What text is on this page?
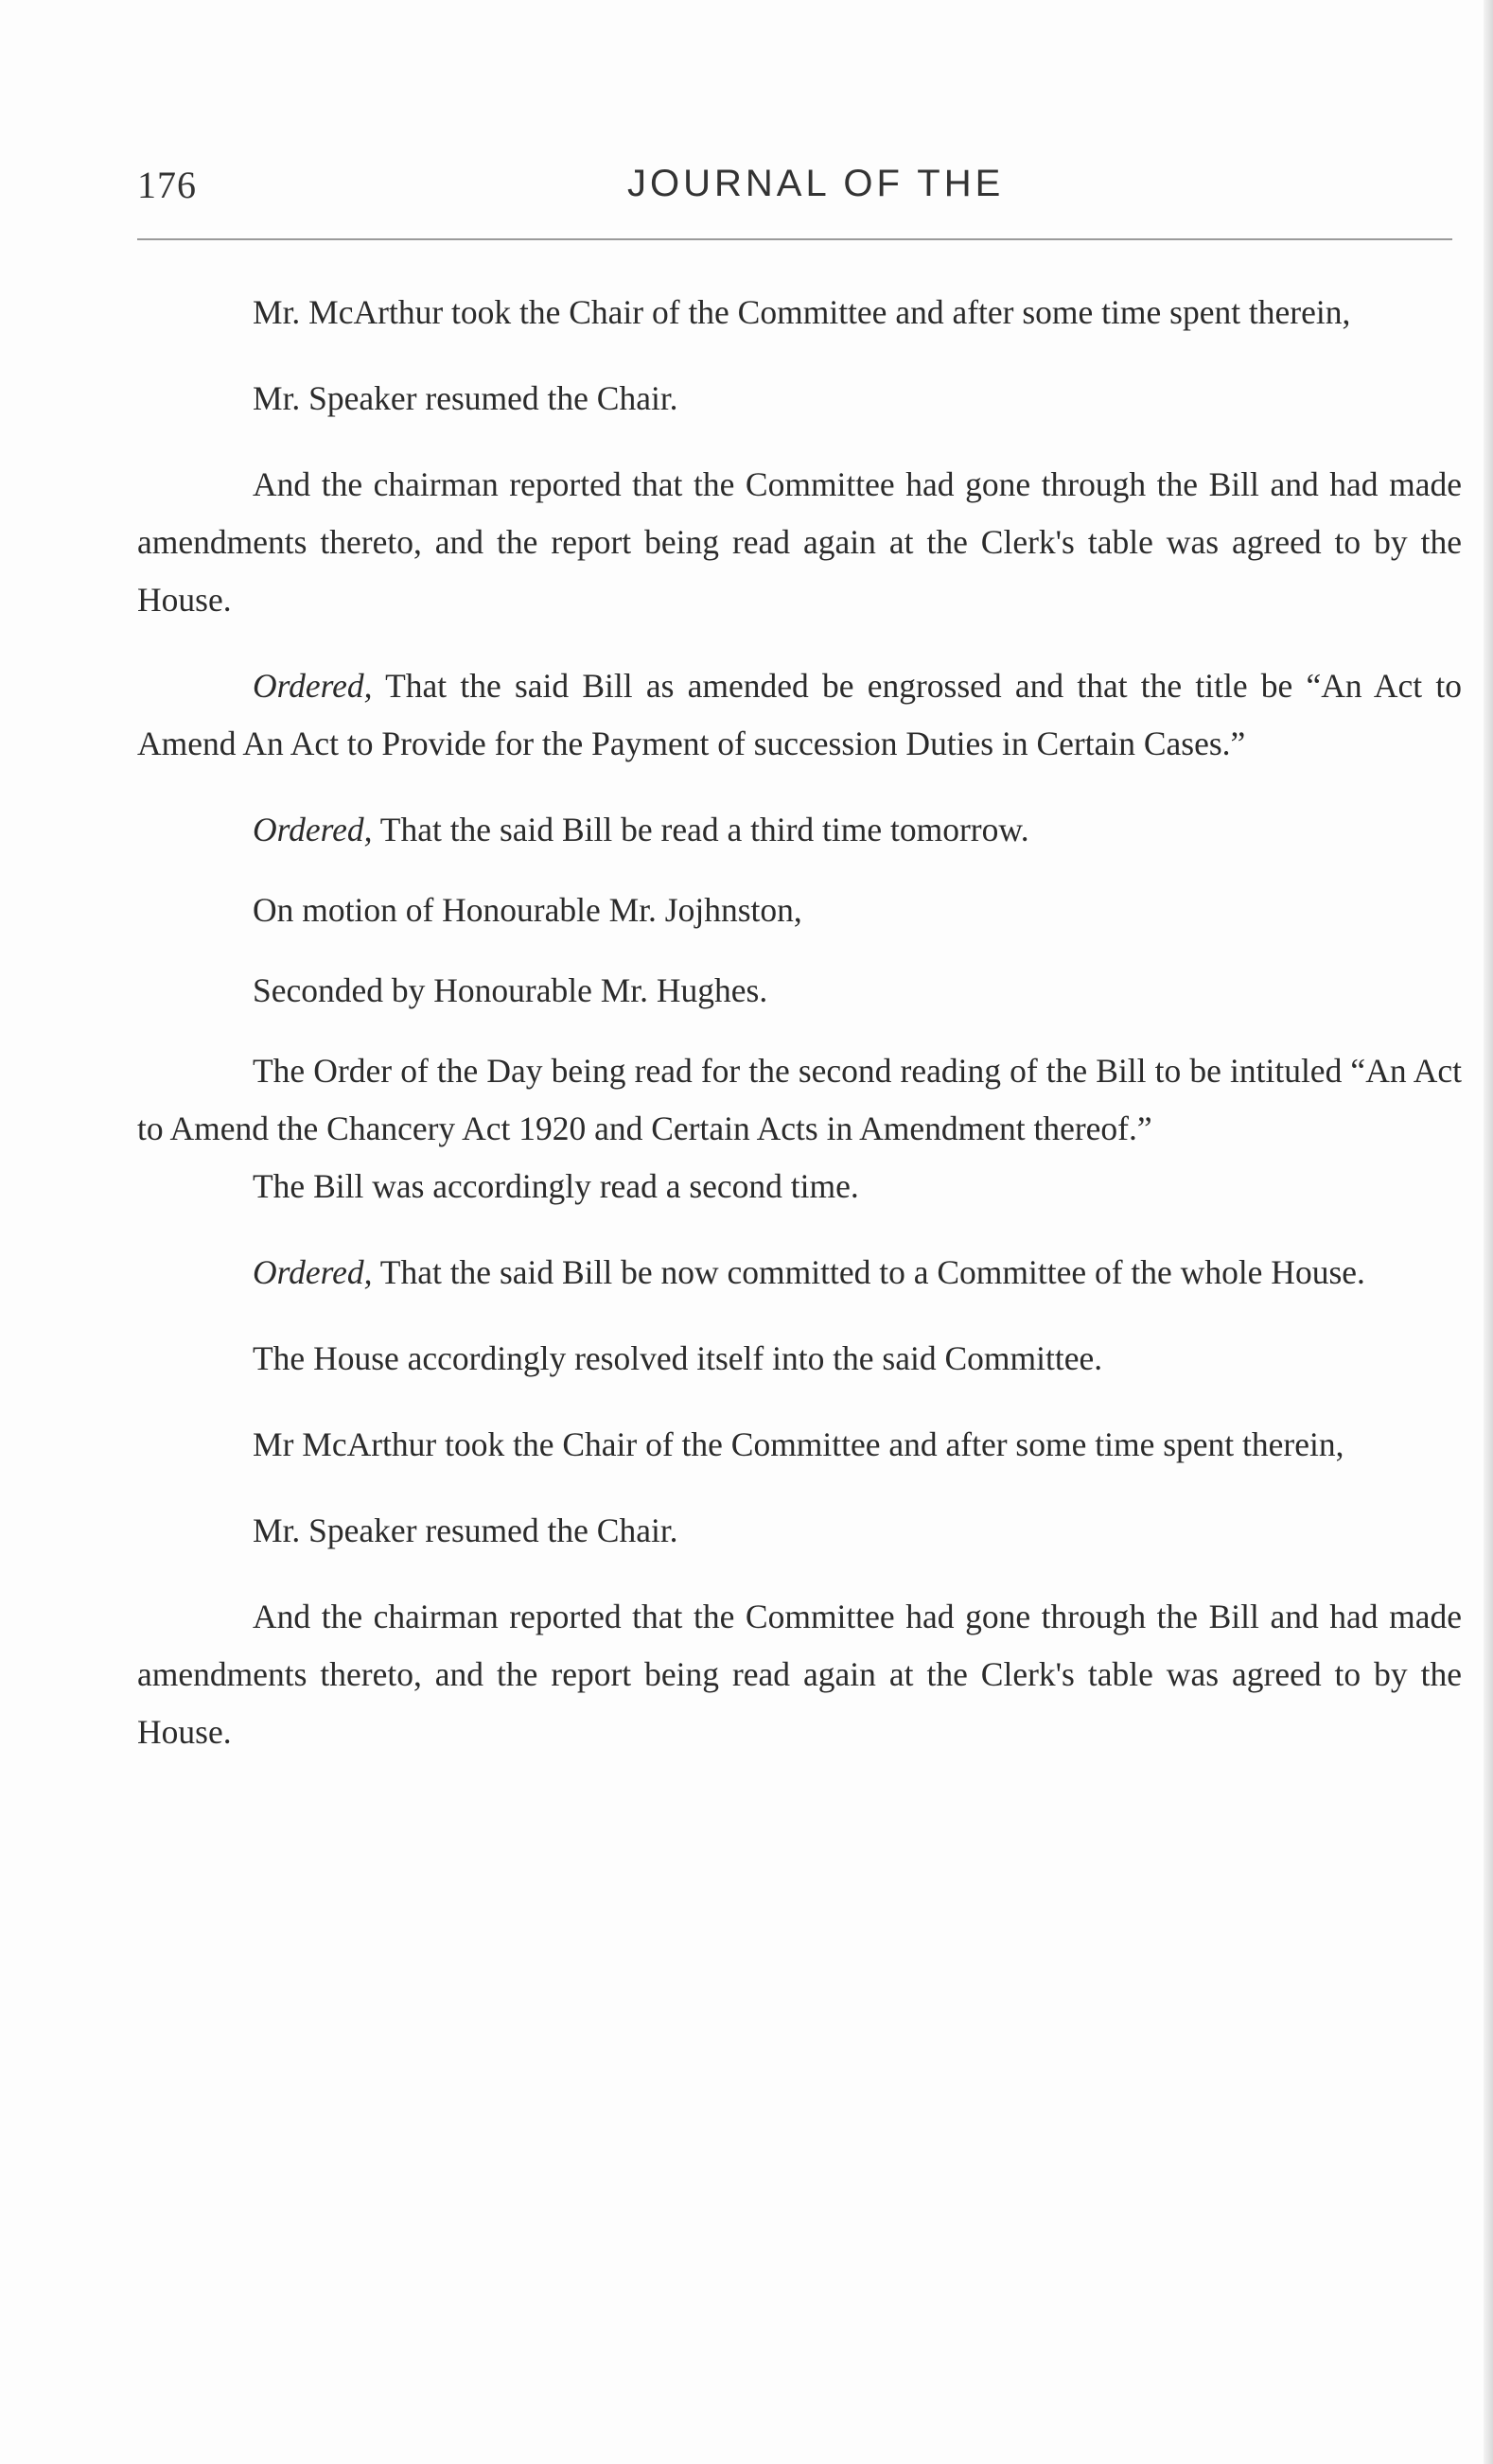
176	JOURNAL OF THE

Mr. McArthur took the Chair of the Committee and after some time spent therein,

Mr. Speaker resumed the Chair.

And the chairman reported that the Committee had gone through the Bill and had made amendments thereto, and the report being read again at the Clerk's table was agreed to by the House.

Ordered, That the said Bill as amended be engrossed and that the title be “An Act to Amend An Act to Provide for the Payment of succession Duties in Certain Cases.”

Ordered, That the said Bill be read a third time tomorrow.

On motion of Honourable Mr. Jojhnston,

Seconded by Honourable Mr. Hughes.

The Order of the Day being read for the second reading of the Bill to be intituled “An Act to Amend the Chancery Act 1920 and Certain Acts in Amendment thereof.”

The Bill was accordingly read a second time.

Ordered, That the said Bill be now committed to a Committee of the whole House.

The House accordingly resolved itself into the said Committee.

Mr McArthur took the Chair of the Committee and after some time spent therein,

Mr. Speaker resumed the Chair.

And the chairman reported that the Committee had gone through the Bill and had made amendments thereto, and the report being read again at the Clerk's table was agreed to by the House.
